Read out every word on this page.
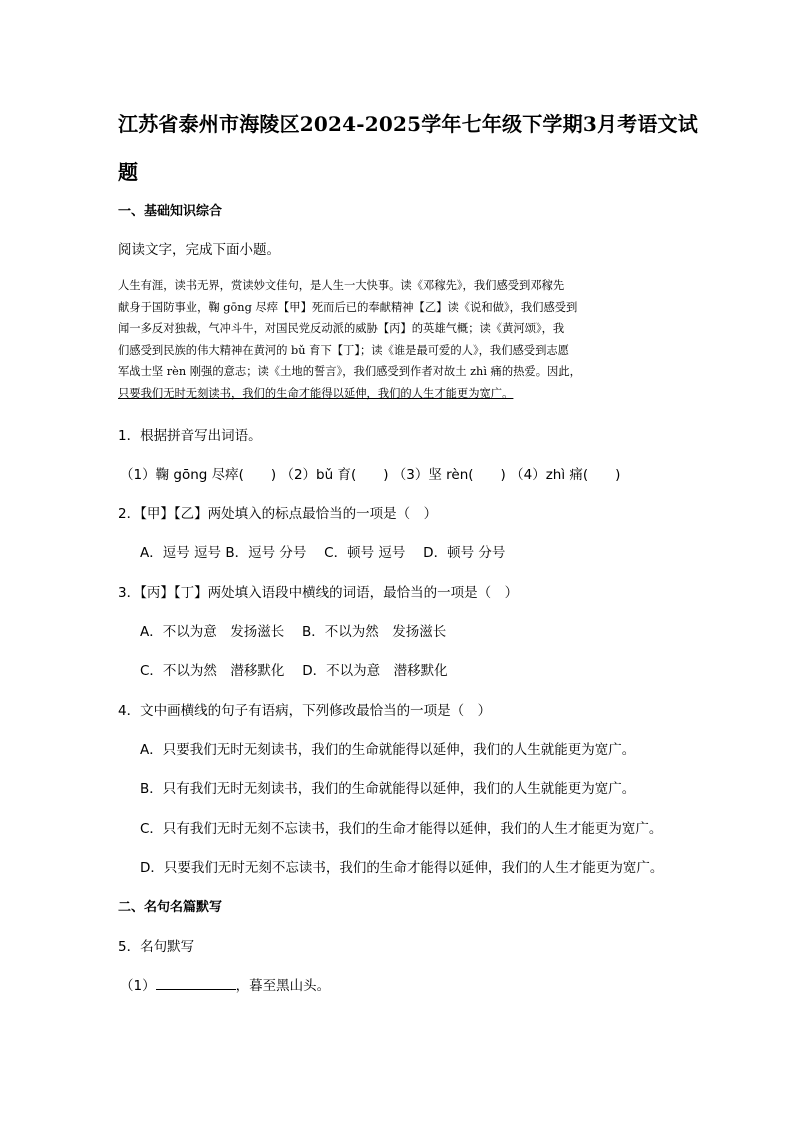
江苏省泰州市海陵区2024-2025学年七年级下学期3月考语文试
题
一、基础知识综合
阅读文字，完成下面小题。

人生有涯，读书无界，赏读妙文佳句，是人生一大快事。读《邓稼先》，我们感受到邓稼先

献身于国防事业，鞠 gōng 尽瘁【甲】死而后已的奉献精神【乙】读《说和做》，我们感受到

闻一多反对独裁，气冲斗牛，对国民党反动派的威胁【丙】的英雄气概；读《黄河颂》，我

们感受到民族的伟大精神在黄河的 bǔ 育下【丁】；读《谁是最可爱的人》，我们感受到志愿

军战士坚 rèn 刚强的意志；读《土地的誓言》，我们感受到作者对故土 zhì 痛的热爱。因此，

只要我们无时无刻读书，我们的生命才能得以延伸，我们的人生才能更为宽广。

1．根据拼音写出词语。
（1）鞠 gōng 尽瘁(　　) （2）bǔ 育(　　) （3）坚 rèn(　　) （4）zhì 痛(　　)
2．【甲】【乙】两处填入的标点最恰当的一项是（　）
A．逗号 逗号 B．逗号 分号　 C．顿号 逗号　 D．顿号 分号
3．【丙】【丁】两处填入语段中横线的词语，最恰当的一项是（　）
A．不以为意　发扬滋长　 B．不以为然　发扬滋长
C．不以为然　潜移默化　 D．不以为意　潜移默化
4．文中画横线的句子有语病，下列修改最恰当的一项是（　）
A．只要我们无时无刻读书，我们的生命就能得以延伸，我们的人生就能更为宽广。
B．只有我们无时无刻读书，我们的生命就能得以延伸，我们的人生就能更为宽广。
C．只有我们无时无刻不忘读书，我们的生命才能得以延伸，我们的人生才能更为宽广。
D．只要我们无时无刻不忘读书，我们的生命才能得以延伸，我们的人生才能更为宽广。
二、名句名篇默写
5．名句默写
（1）	，暮至黑山头。
